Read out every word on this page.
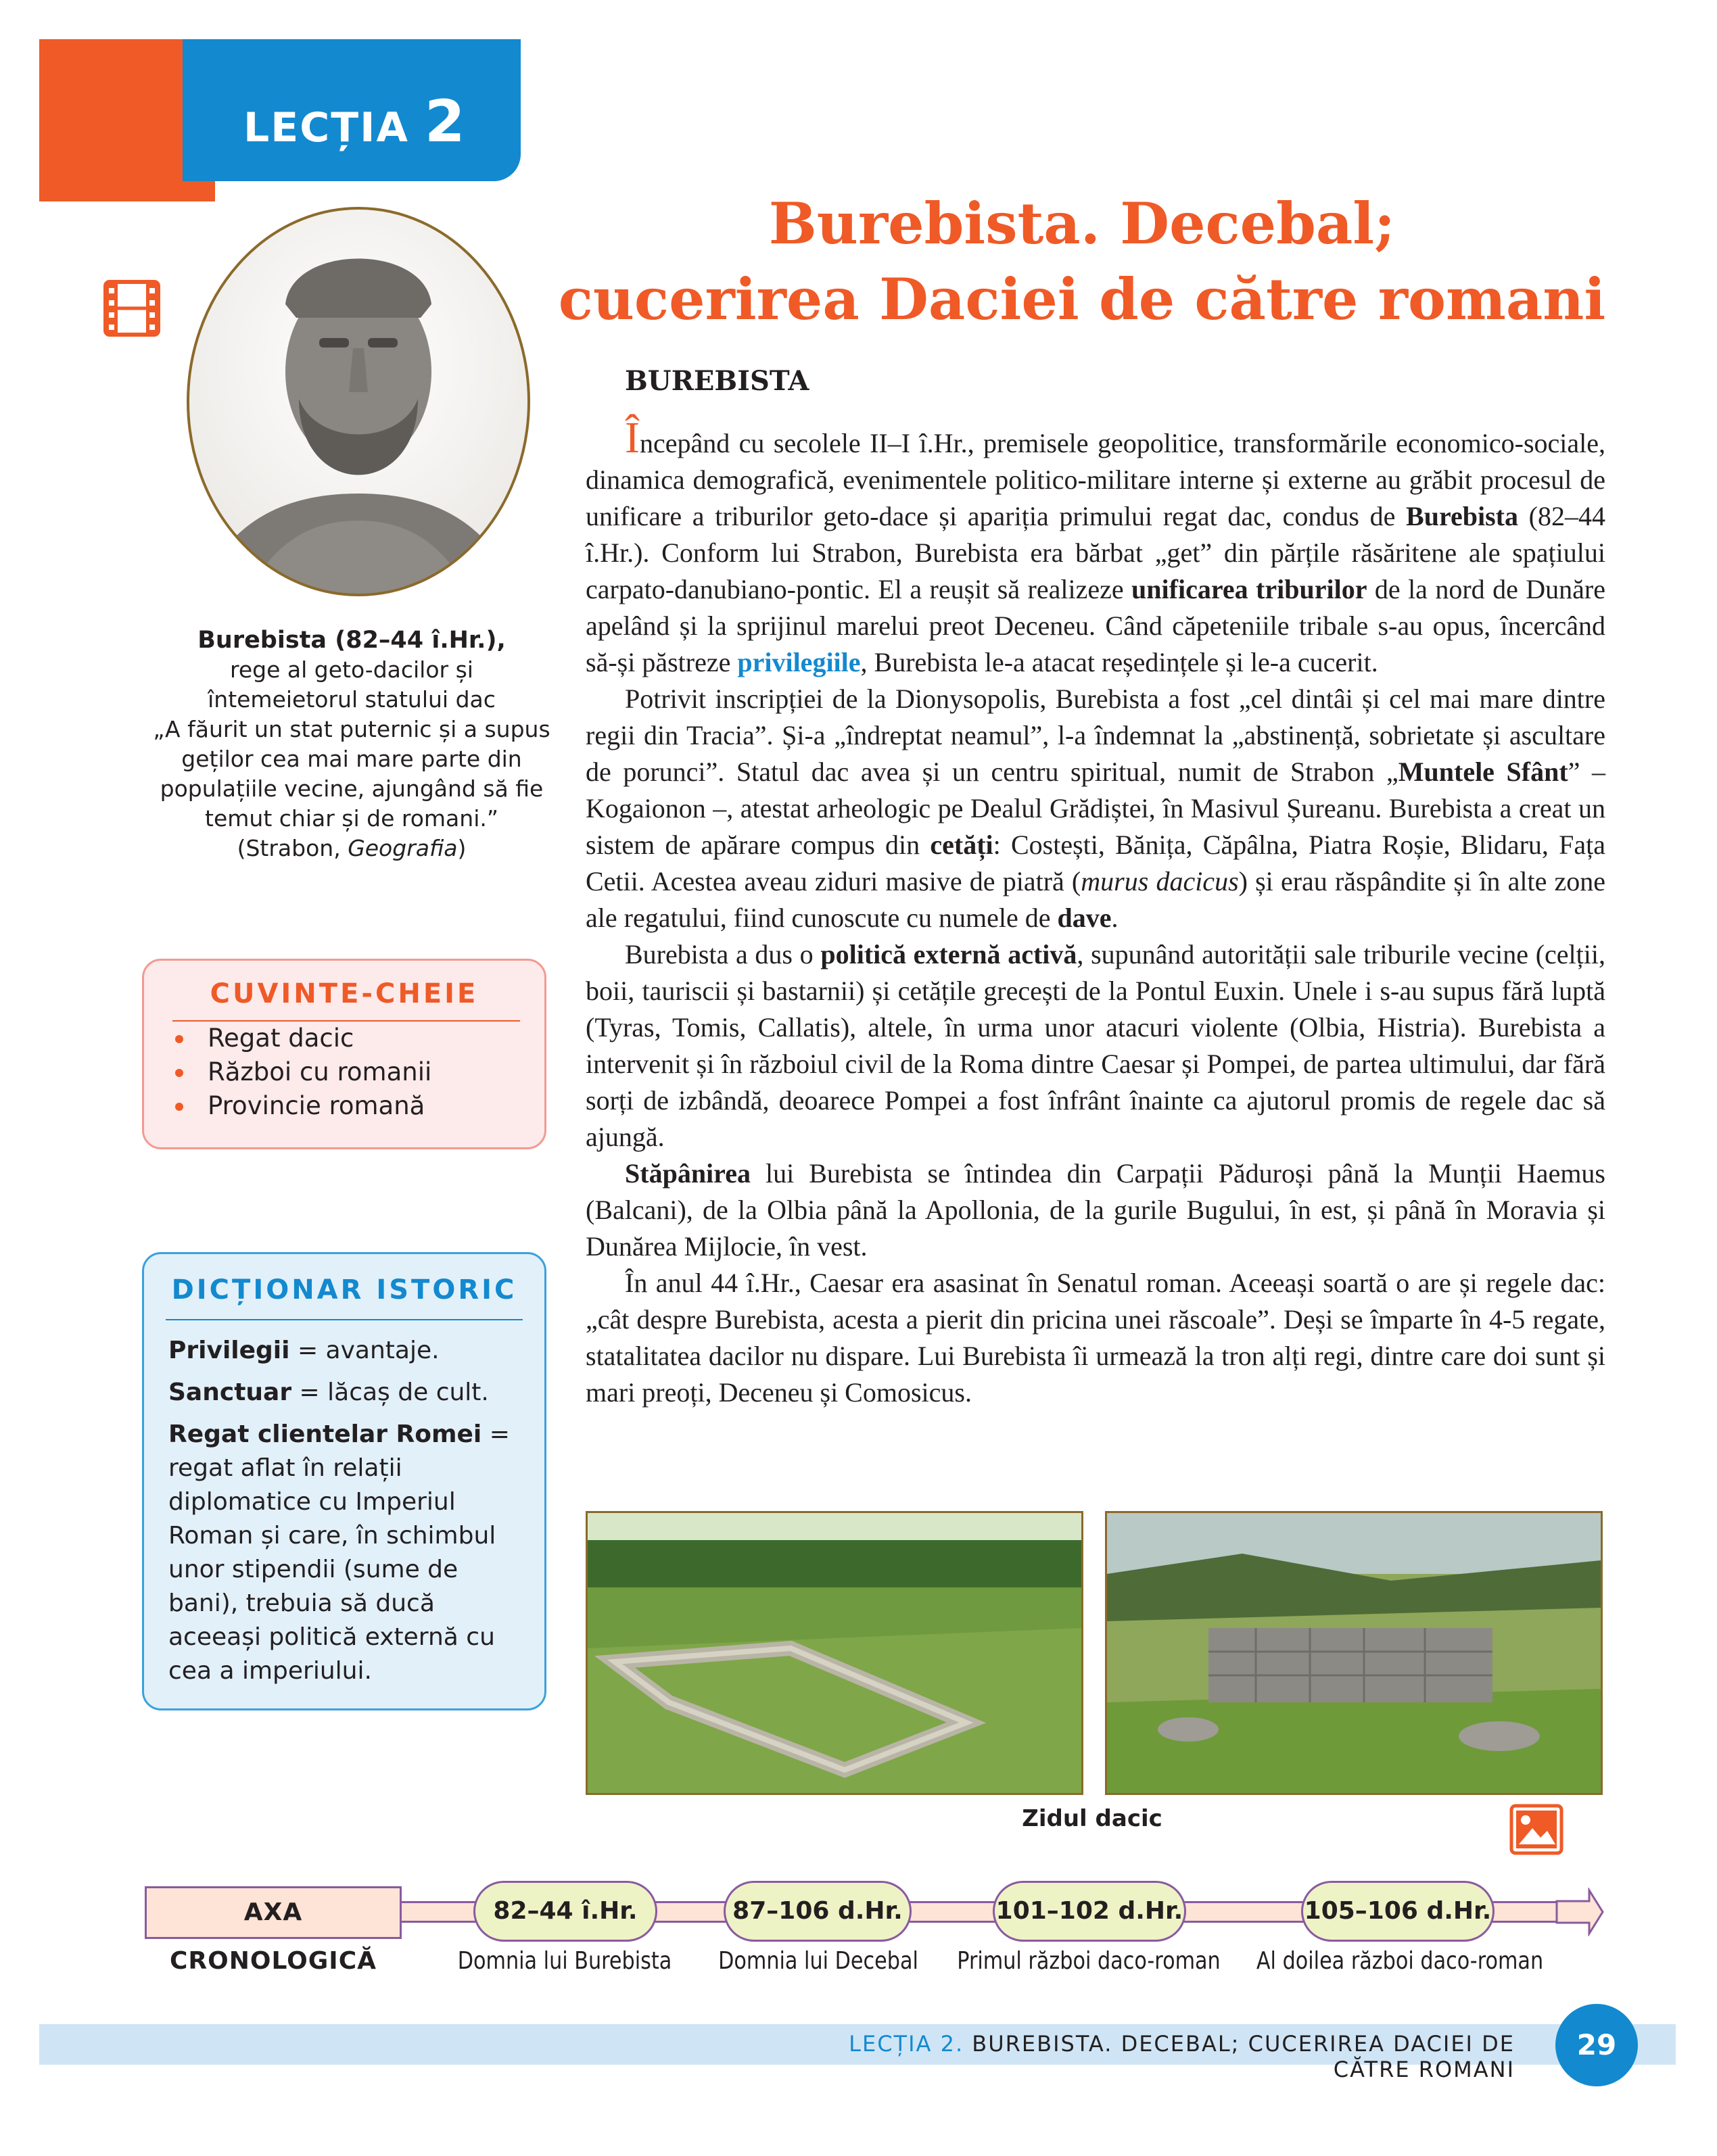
LECȚIA 2
Burebista. Decebal;
cucerirea Daciei de către romani
Burebista (82–44 î.Hr.),
rege al geto-dacilor și
întemeietorul statului dac
„A făurit un stat puternic și a supus
geților cea mai mare parte din
populațiile vecine, ajungând să fie
temut chiar și de romani.”
(Strabon, Geografia)
CUVINTE-CHEIE
Regat dacic
Război cu romanii
Provincie romană
DICȚIONAR ISTORIC

Privilegii = avantaje.

Sanctuar = lăcaș de cult.

Regat clientelar Romei = regat aflat în relații diplomatice cu Imperiul Roman și care, în schimbul unor stipendii (sume de bani), trebuia să ducă aceeași politică externă cu cea a imperiului.

BUREBISTA

Începând cu secolele II–I î.Hr., premisele geopolitice, transformările economico-sociale, dinamica demografică, evenimentele politico-militare interne și externe au grăbit procesul de unificare a triburilor geto-dace și apariția primului regat dac, condus de Burebista (82–44 î.Hr.). Conform lui Strabon, Burebista era bărbat „get” din părțile răsăritene ale spațiului carpato-danubiano-pontic. El a reușit să realizeze unificarea triburilor de la nord de Dunăre apelând și la sprijinul marelui preot Deceneu. Când căpeteniile tribale s-au opus, încercând să-și păstreze privilegiile, Burebista le-a atacat reședințele și le-a cucerit.

Potrivit inscripției de la Dionysopolis, Burebista a fost „cel dintâi și cel mai mare dintre regii din Tracia”. Și-a „îndreptat neamul”, l-a îndemnat la „abstinență, sobrietate și ascultare de porunci”. Statul dac avea și un centru spiritual, numit de Strabon „Muntele Sfânt” – Kogaionon –, atestat arheologic pe Dealul Grădiștei, în Masivul Șureanu. Burebista a creat un sistem de apărare compus din cetăți: Costești, Bănița, Căpâlna, Piatra Roșie, Blidaru, Fața Cetii. Acestea aveau ziduri masive de piatră (murus dacicus) și erau răspândite și în alte zone ale regatului, fiind cunoscute cu numele de dave.

Burebista a dus o politică externă activă, supunând autorității sale triburile vecine (celții, boii, tauriscii și bastarnii) și cetățile grecești de la Pontul Euxin. Unele i s-au supus fără luptă (Tyras, Tomis, Callatis), altele, în urma unor atacuri violente (Olbia, Histria). Burebista a intervenit și în războiul civil de la Roma dintre Caesar și Pompei, de partea ultimului, dar fără sorți de izbândă, deoarece Pompei a fost înfrânt înainte ca ajutorul promis de regele dac să ajungă.

Stăpânirea lui Burebista se întindea din Carpații Păduroși până la Munții Haemus (Balcani), de la Olbia până la Apollonia, de la gurile Bugului, în est, și până în Moravia și Dunărea Mijlocie, în vest.

În anul 44 î.Hr., Caesar era asasinat în Senatul roman. Aceeași soartă o are și regele dac: „cât despre Burebista, acesta a pierit din pricina unei răscoale”. Deși se împarte în 4-5 regate, statalitatea dacilor nu dispare. Lui Burebista îi urmează la tron alți regi, dintre care doi sunt și mari preoți, Deceneu și Comosicus.

Zidul dacic
AXA CRONOLOGICĂ
82–44 î.Hr.	87–106 d.Hr.	101–102 d.Hr.	105–106 d.Hr.
Domnia lui Burebista	Domnia lui Decebal	Primul război daco-roman	Al doilea război daco-roman
LECȚIA 2. BUREBISTA. DECEBAL; CUCERIREA DACIEI DE CĂTRE ROMANI
29
